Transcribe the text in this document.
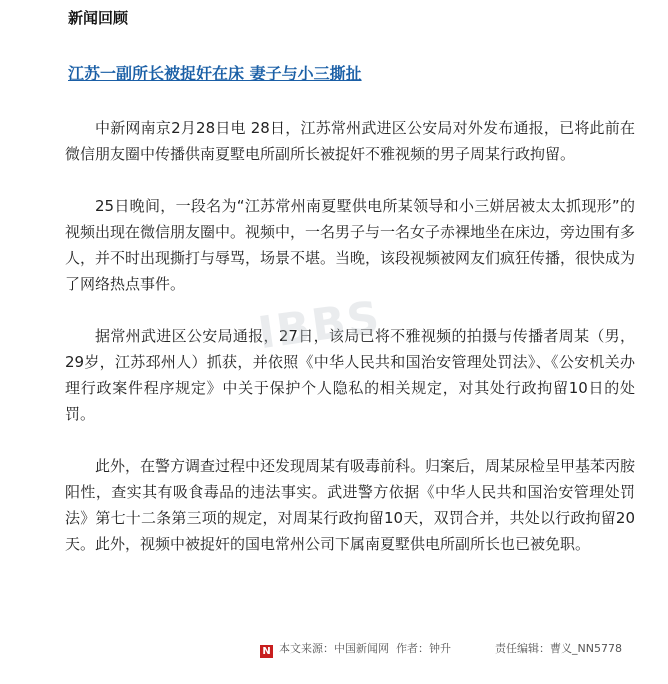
新闻回顾
江苏一副所长被捉奸在床 妻子与小三撕扯

中新网南京2月28日电 28日，江苏常州武进区公安局对外发布通报，已将此前在微信朋友圈中传播供南夏墅电所副所长被捉奸不雅视频的男子周某行政拘留。

25日晚间，一段名为“江苏常州南夏墅供电所某领导和小三姘居被太太抓现形”的视频出现在微信朋友圈中。视频中，一名男子与一名女子赤裸地坐在床边，旁边围有多人，并不时出现撕打与辱骂，场景不堪。当晚，该段视频被网友们疯狂传播，很快成为了网络热点事件。

据常州武进区公安局通报，27日，该局已将不雅视频的拍摄与传播者周某（男，29岁，江苏邳州人）抓获，并依照《中华人民共和国治安管理处罚法》、《公安机关办理行政案件程序规定》中关于保护个人隐私的相关规定，对其处行政拘留10日的处罚。

此外，在警方调查过程中还发现周某有吸毒前科。归案后，周某尿检呈甲基苯丙胺阳性，查实其有吸食毒品的违法事实。武进警方依据《中华人民共和国治安管理处罚法》第七十二条第三项的规定，对周某行政拘留10天，双罚合并，共处以行政拘留20天。此外，视频中被捉奸的国电常州公司下属南夏墅供电所副所长也已被免职。

IBBS
N 本文来源：中国新闻网 作者：钟升	责任编辑：曹义_NN5778
